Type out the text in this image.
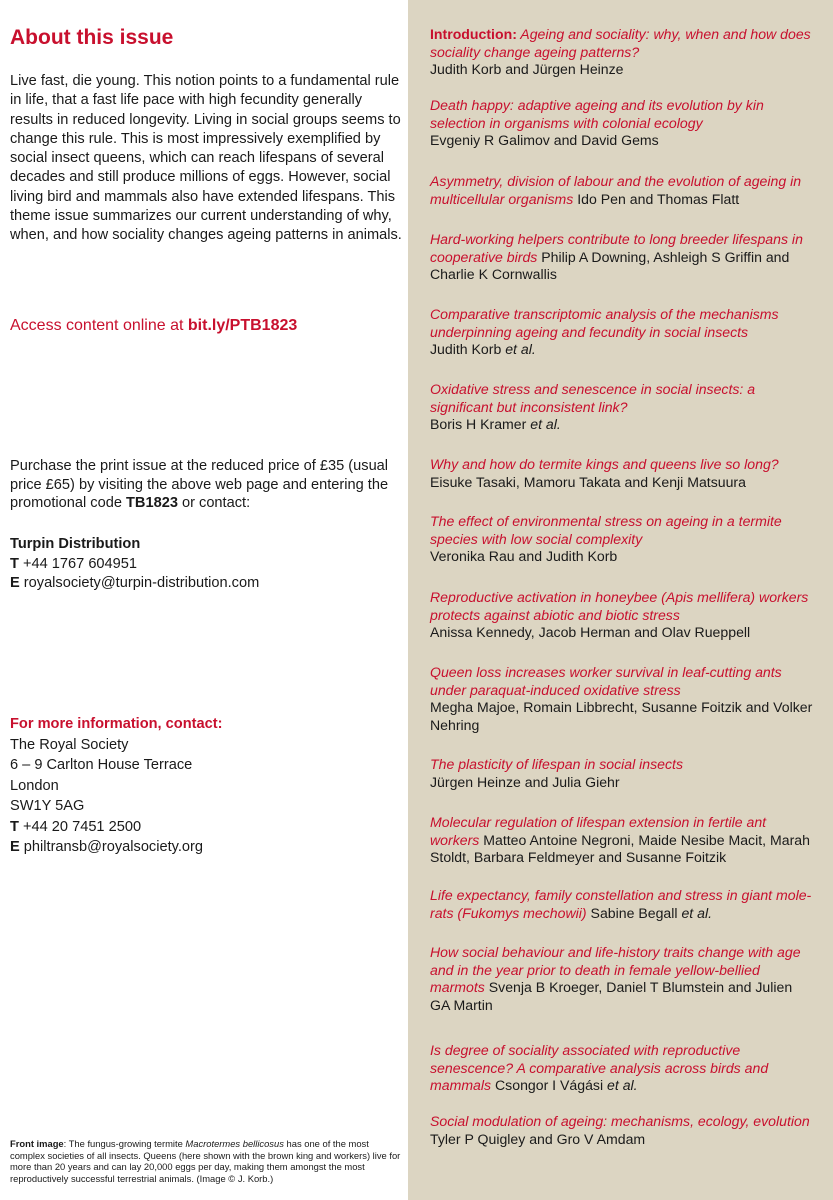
About this issue

Live fast, die young. This notion points to a fundamental rule in life, that a fast life pace with high fecundity generally results in reduced longevity. Living in social groups seems to change this rule. This is most impressively exemplified by social insect queens, which can reach lifespans of several decades and still produce millions of eggs. However, social living bird and mammals also have extended lifespans. This theme issue summarizes our current understanding of why, when, and how sociality changes ageing patterns in animals.

Access content online at bit.ly/PTB1823

Purchase the print issue at the reduced price of £35 (usual price £65) by visiting the above web page and entering the promotional code TB1823 or contact:

Turpin Distribution
T +44 1767 604951
E royalsociety@turpin-distribution.com
For more information, contact:
The Royal Society
6 – 9 Carlton House Terrace
London
SW1Y 5AG
T +44 20 7451 2500
E philtransb@royalsociety.org

Front image: The fungus-growing termite Macrotermes bellicosus has one of the most complex societies of all insects. Queens (here shown with the brown king and workers) live for more than 20 years and can lay 20,000 eggs per day, making them amongst the most reproductively successful terrestrial animals. (Image © J. Korb.)

Introduction: Ageing and sociality: why, when and how does sociality change ageing patterns?
Judith Korb and Jürgen Heinze
Death happy: adaptive ageing and its evolution by kin selection in organisms with colonial ecology
Evgeniy R Galimov and David Gems
Asymmetry, division of labour and the evolution of ageing in multicellular organisms Ido Pen and Thomas Flatt
Hard-working helpers contribute to long breeder lifespans in cooperative birds Philip A Downing, Ashleigh S Griffin and Charlie K Cornwallis
Comparative transcriptomic analysis of the mechanisms underpinning ageing and fecundity in social insects
Judith Korb et al.
Oxidative stress and senescence in social insects: a significant but inconsistent link?
Boris H Kramer et al.
Why and how do termite kings and queens live so long?
Eisuke Tasaki, Mamoru Takata and Kenji Matsuura
The effect of environmental stress on ageing in a termite species with low social complexity
Veronika Rau and Judith Korb
Reproductive activation in honeybee (Apis mellifera) workers protects against abiotic and biotic stress
Anissa Kennedy, Jacob Herman and Olav Rueppell
Queen loss increases worker survival in leaf-cutting ants under paraquat-induced oxidative stress
Megha Majoe, Romain Libbrecht, Susanne Foitzik and Volker Nehring
The plasticity of lifespan in social insects
Jürgen Heinze and Julia Giehr
Molecular regulation of lifespan extension in fertile ant workers Matteo Antoine Negroni, Maide Nesibe Macit, Marah Stoldt, Barbara Feldmeyer and Susanne Foitzik
Life expectancy, family constellation and stress in giant mole-rats (Fukomys mechowii) Sabine Begall et al.
How social behaviour and life-history traits change with age and in the year prior to death in female yellow-bellied marmots Svenja B Kroeger, Daniel T Blumstein and Julien GA Martin
Is degree of sociality associated with reproductive senescence? A comparative analysis across birds and mammals Csongor I Vágási et al.
Social modulation of ageing: mechanisms, ecology, evolution
Tyler P Quigley and Gro V Amdam
